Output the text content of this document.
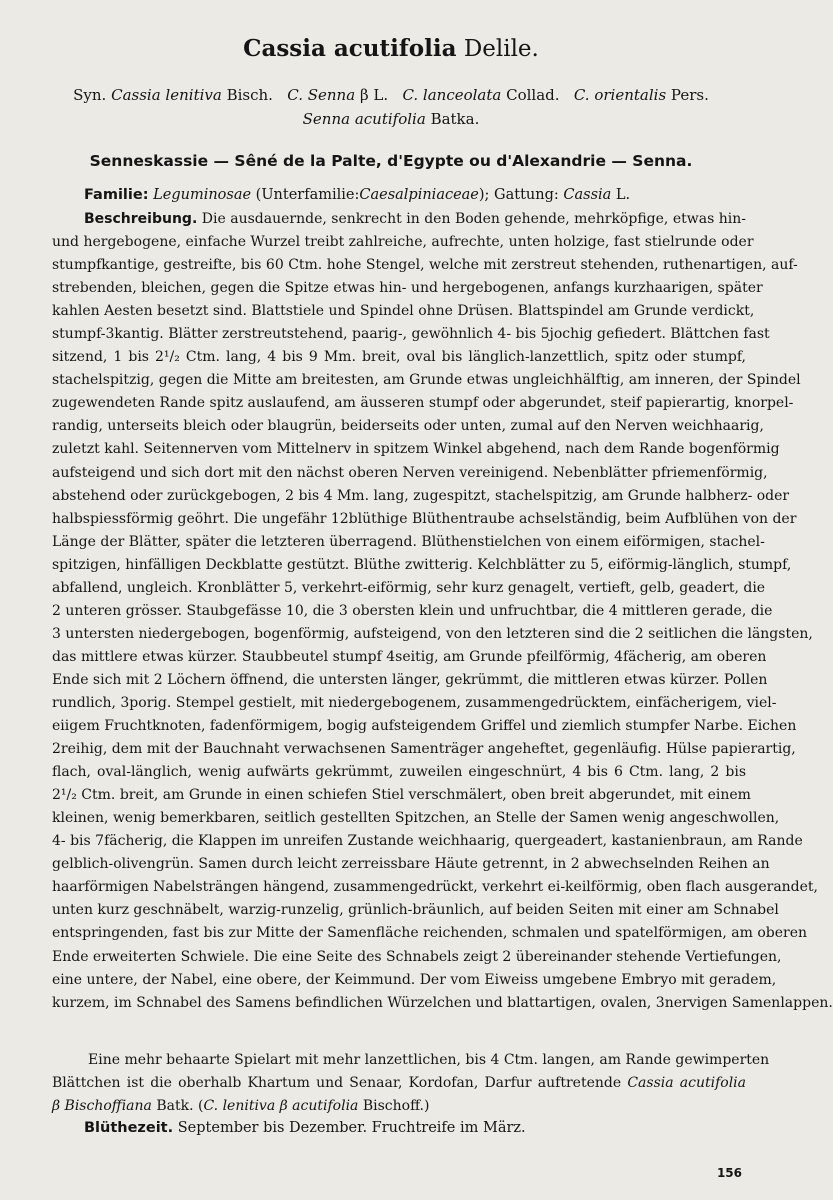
Cassia acutifolia Delile.
Syn. Cassia lenitiva Bisch. C. Senna β L. C. lanceolata Collad. C. orientalis Pers.
Senna acutifolia Batka.
Senneskassie — Sêné de la Palte, d'Egypte ou d'Alexandrie — Senna.
Familie: Leguminosae (Unterfamilie:Caesalpiniaceae); Gattung: Cassia L.
Beschreibung. Die ausdauernde, senkrecht in den Boden gehende, mehrköpfige, etwas hin-
und hergebogene, einfache Wurzel treibt zahlreiche, aufrechte, unten holzige, fast stielrunde oder
stumpfkantige, gestreifte, bis 60 Ctm. hohe Stengel, welche mit zerstreut stehenden, ruthenartigen, auf-
strebenden, bleichen, gegen die Spitze etwas hin- und hergebogenen, anfangs kurzhaarigen, später
kahlen Aesten besetzt sind. Blattstiele und Spindel ohne Drüsen. Blattspindel am Grunde verdickt,
stumpf-3kantig. Blätter zerstreutstehend, paarig-, gewöhnlich 4- bis 5jochig gefiedert. Blättchen fast
sitzend, 1 bis 2¹/₂ Ctm. lang, 4 bis 9 Mm. breit, oval bis länglich-lanzettlich, spitz oder stumpf,
stachelspitzig, gegen die Mitte am breitesten, am Grunde etwas ungleichhälftig, am inneren, der Spindel
zugewendeten Rande spitz auslaufend, am äusseren stumpf oder abgerundet, steif papierartig, knorpel-
randig, unterseits bleich oder blaugrün, beiderseits oder unten, zumal auf den Nerven weichhaarig,
zuletzt kahl. Seitennerven vom Mittelnerv in spitzem Winkel abgehend, nach dem Rande bogenförmig
aufsteigend und sich dort mit den nächst oberen Nerven vereinigend. Nebenblätter pfriemenförmig,
abstehend oder zurückgebogen, 2 bis 4 Mm. lang, zugespitzt, stachelspitzig, am Grunde halbherz- oder
halbspiessförmig geöhrt. Die ungefähr 12blüthige Blüthentraube achselständig, beim Aufblühen von der
Länge der Blätter, später die letzteren überragend. Blüthenstielchen von einem eiförmigen, stachel-
spitzigen, hinfälligen Deckblatte gestützt. Blüthe zwitterig. Kelchblätter zu 5, eiförmig-länglich, stumpf,
abfallend, ungleich. Kronblätter 5, verkehrt-eiförmig, sehr kurz genagelt, vertieft, gelb, geadert, die
2 unteren grösser. Staubgefässe 10, die 3 obersten klein und unfruchtbar, die 4 mittleren gerade, die
3 untersten niedergebogen, bogenförmig, aufsteigend, von den letzteren sind die 2 seitlichen die längsten,
das mittlere etwas kürzer. Staubbeutel stumpf 4seitig, am Grunde pfeilförmig, 4fächerig, am oberen
Ende sich mit 2 Löchern öffnend, die untersten länger, gekrümmt, die mittleren etwas kürzer. Pollen
rundlich, 3porig. Stempel gestielt, mit niedergebogenem, zusammengedrücktem, einfächerigem, viel-
eiigem Fruchtknoten, fadenförmigem, bogig aufsteigendem Griffel und ziemlich stumpfer Narbe. Eichen
2reihig, dem mit der Bauchnaht verwachsenen Samenträger angeheftet, gegenläufig. Hülse papierartig,
flach, oval-länglich, wenig aufwärts gekrümmt, zuweilen eingeschnürt, 4 bis 6 Ctm. lang, 2 bis
2¹/₂ Ctm. breit, am Grunde in einen schiefen Stiel verschmälert, oben breit abgerundet, mit einem
kleinen, wenig bemerkbaren, seitlich gestellten Spitzchen, an Stelle der Samen wenig angeschwollen,
4- bis 7fächerig, die Klappen im unreifen Zustande weichhaarig, quergeadert, kastanienbraun, am Rande
gelblich-olivengrün. Samen durch leicht zerreissbare Häute getrennt, in 2 abwechselnden Reihen an
haarförmigen Nabelsträngen hängend, zusammengedrückt, verkehrt ei-keilförmig, oben flach ausgerandet,
unten kurz geschnäbelt, warzig-runzelig, grünlich-bräunlich, auf beiden Seiten mit einer am Schnabel
entspringenden, fast bis zur Mitte der Samenfläche reichenden, schmalen und spatelförmigen, am oberen
Ende erweiterten Schwiele. Die eine Seite des Schnabels zeigt 2 übereinander stehende Vertiefungen,
eine untere, der Nabel, eine obere, der Keimmund. Der vom Eiweiss umgebene Embryo mit geradem,
kurzem, im Schnabel des Samens befindlichen Würzelchen und blattartigen, ovalen, 3nervigen Samenlappen.
Eine mehr behaarte Spielart mit mehr lanzettlichen, bis 4 Ctm. langen, am Rande gewimperten
Blättchen ist die oberhalb Khartum und Senaar, Kordofan, Darfur auftretende Cassia acutifolia
β Bischoffiana Batk. (C. lenitiva β acutifolia Bischoff.)
Blüthezeit. September bis Dezember. Fruchtreife im März.
156
